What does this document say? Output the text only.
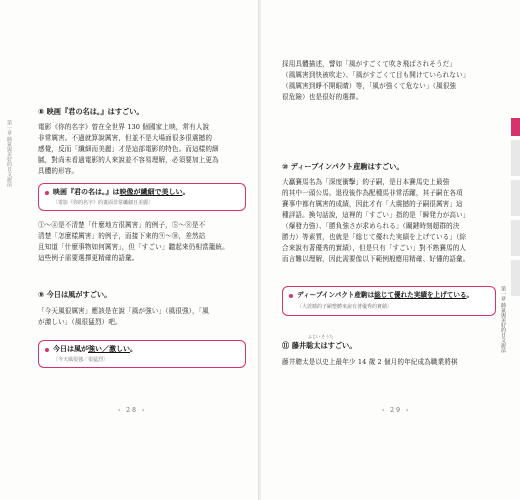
第一章 帥氣與美好的日文說法
⑧ 映画『君の名は。』はすごい。
電影《你的名字》曾在全世界 130 個國家上映，常有人說
非常厲害。不過就算說厲害，但並不是大場面很多很震撼的
感覺，反而「纖細而美麗」才是這部電影的特色。而這樣的細
膩，對尚未看過電影的人來說並不容易理解，必須要加上更為
具體的形容。
映画『君の名は。』は映像が繊細で美しい。
〔電影《你的名字》的畫面非常纖細且美麗〕
①～④是不清楚「什麼地方很厲害」的例子，⑤～⑧是不
清楚「怎麼樣厲害」的例子，而接下來的⑨～⑩，差然站
且知道「什麼事物如何厲害」，但「すごい」聽起來仍相當籠統。
這些例子需要選擇更精確的語彙。
⑨ 今日は風がすごい。
「今天風很厲害」應該是在說「風が強い」（風很強），「風
が激しい」（風很猛烈）吧。
今日は風が強い／激しい。
〔今天風很強／很猛烈〕
‹ 28 ›
採用具體描述，譬如「風がすごくて吹き飛ばされそうだ」
（風厲害到快被吹走）、「風がすごくて目も開けていられない」
（風厲害到睜不開眼睛）等，「風が強くて危ない」（風很強
很危險）也是很好的選擇。
⑩ ディープインパクト産駒はすごい。
大贏賽馬名為「深度衝擊」的子嗣，是日本賽馬史上最強
的其中一頭公馬。退役後作為配種馬非常活躍，其子嗣在各項
賽事中都有厲害的成績，因此才有「大震撼的子嗣很厲害」這
種評語。換句話說，這裡的「すごい」指的是「瞬発力が高い」
（爆發力強）、「勝負強さが求められる」（關鍵時刻超群的決
勝力）等素質，也就是「総じて優れた実績を上げている」（綜
合來說有著優秀的實績），但是只有「すごい」對不熟賽馬的人
而言難以理解，因此需要像以下範例般應用精確、好懂的語彙。
ディープインパクト産駒は総じて優れた実績を上げている。
〔大震撼的子嗣整體來說有著優秀的實績〕
ふじい そうた
⑪ 藤井聡太はすごい。
藤井聰太是以史上最年少 14 歲 2 個月的年紀成為職業將棋
‹ 29 ›
第一章 帥氣與美好的日文說法
